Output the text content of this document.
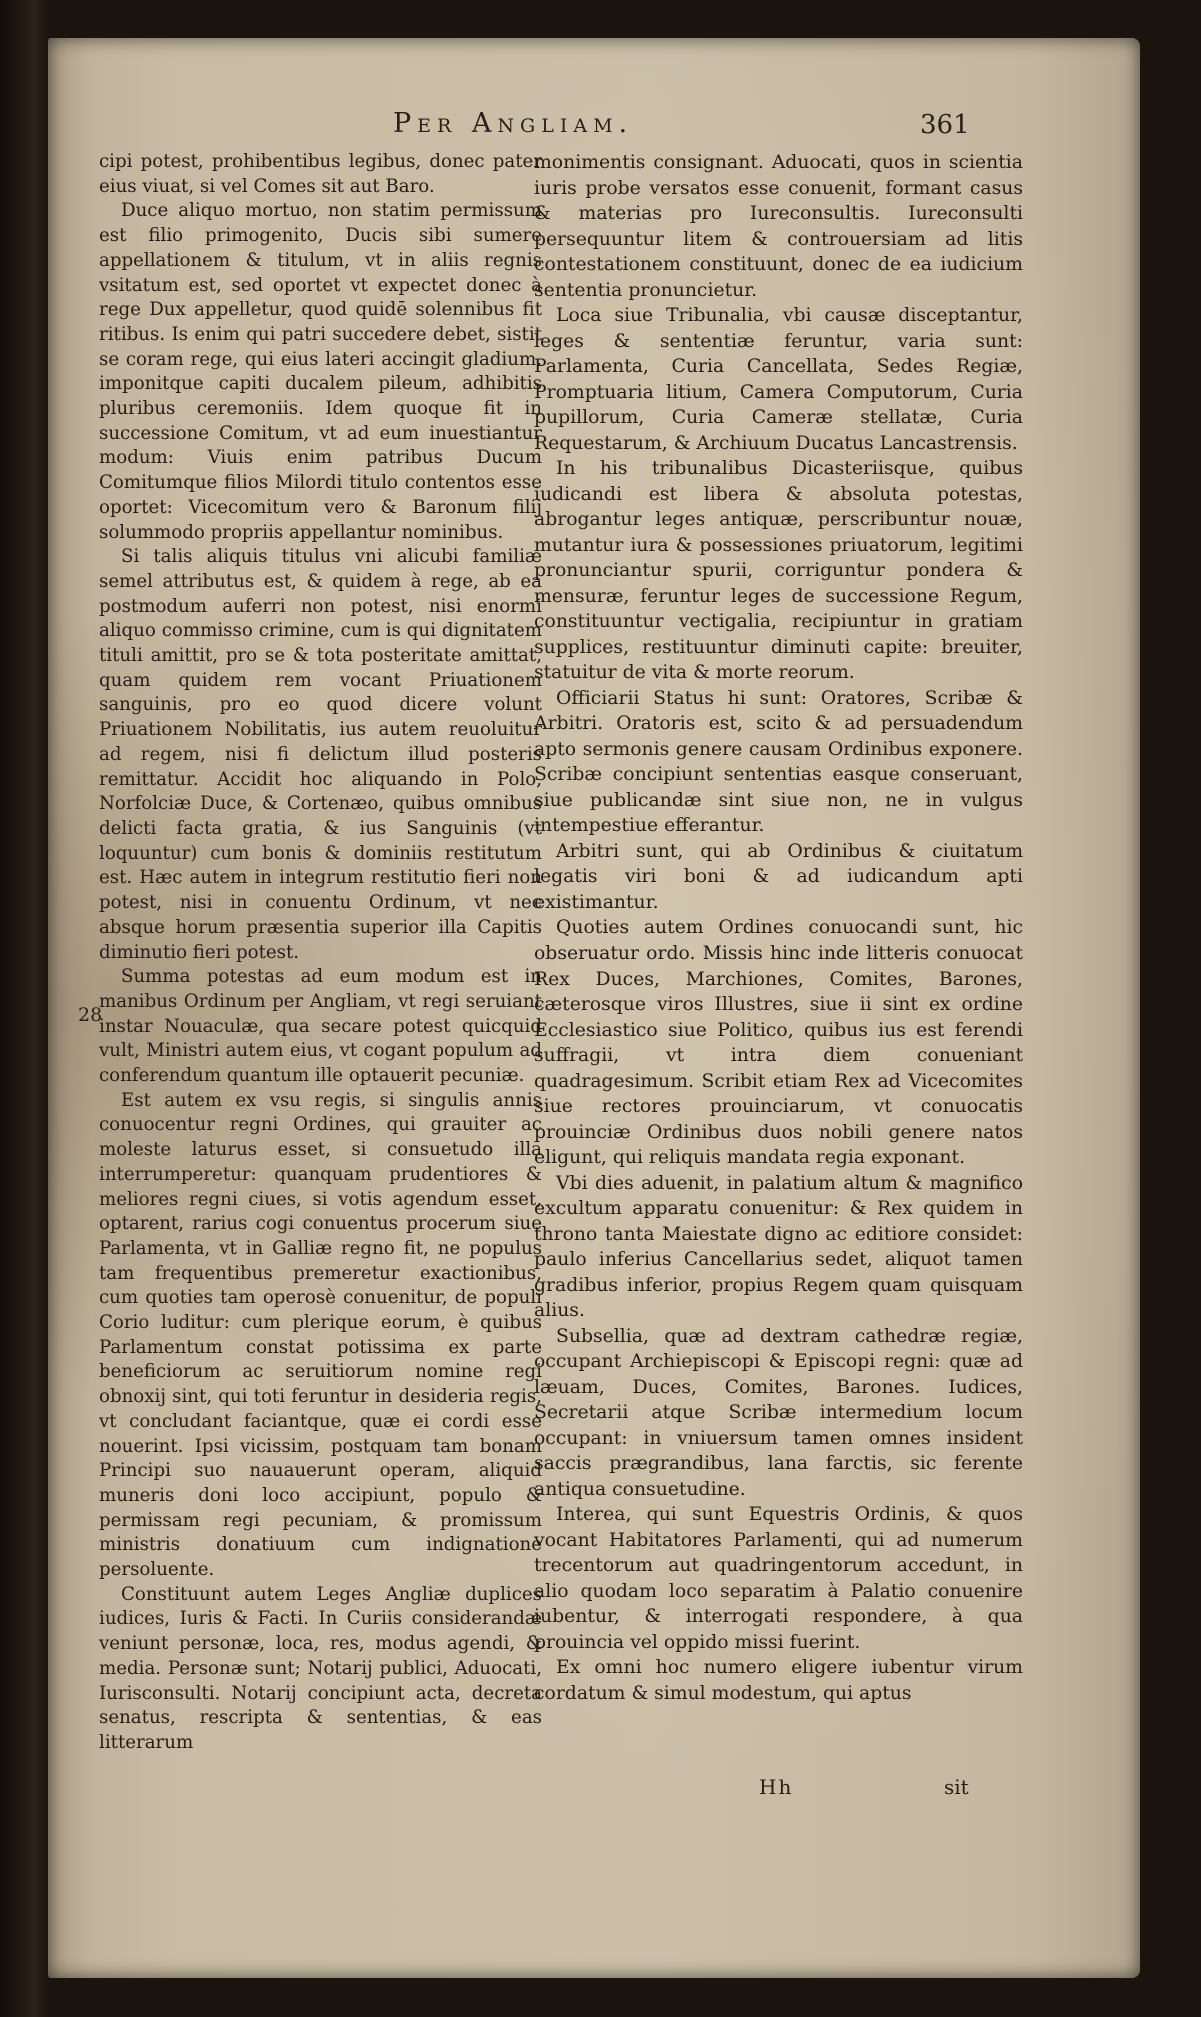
Per Angliam.	361
28

cipi potest, prohibentibus legibus, donec pater eius viuat, si vel Comes sit aut Baro.

Duce aliquo mortuo, non statim permissum est filio primogenito, Ducis sibi sumere appellationem & titulum, vt in aliis regnis vsitatum est, sed oportet vt expectet donec à rege Dux appelletur, quod quidē solennibus fit ritibus. Is enim qui patri succedere debet, sistit se coram rege, qui eius lateri accingit gladium, imponitque capiti ducalem pileum, adhibitis pluribus ceremoniis. Idem quoque fit in successione Comitum, vt ad eum inuestiantur modum: Viuis enim patribus Ducum Comitumque filios Milordi titulo contentos esse oportet: Vicecomitum vero & Baronum filij solummodo propriis appellantur nominibus.

Si talis aliquis titulus vni alicubi familiæ semel attributus est, & quidem à rege, ab ea postmodum auferri non potest, nisi enormi aliquo commisso crimine, cum is qui dignitatem tituli amittit, pro se & tota posteritate amittat, quam quidem rem vocant Priuationem sanguinis, pro eo quod dicere volunt Priuationem Nobilitatis, ius autem reuoluitur ad regem, nisi fi delictum illud posteris remittatur. Accidit hoc aliquando in Polo, Norfolciæ Duce, & Cortenæo, quibus omnibus delicti facta gratia, & ius Sanguinis (vt loquuntur) cum bonis & dominiis restitutum est. Hæc autem in integrum restitutio fieri non potest, nisi in conuentu Ordinum, vt nec absque horum præsentia superior illa Capitis diminutio fieri potest.

Summa potestas ad eum modum est in manibus Ordinum per Angliam, vt regi seruiant instar Nouaculæ, qua secare potest quicquid vult, Ministri autem eius, vt cogant populum ad conferendum quantum ille optauerit pecuniæ.

Est autem ex vsu regis, si singulis annis conuocentur regni Ordines, qui grauiter ac moleste laturus esset, si consuetudo illa interrumperetur: quanquam prudentiores & meliores regni ciues, si votis agendum esset, optarent, rarius cogi conuentus procerum siue Parlamenta, vt in Galliæ regno fit, ne populus tam frequentibus premeretur exactionibus, cum quoties tam operosè conuenitur, de populi Corio luditur: cum plerique eorum, è quibus Parlamentum constat potissima ex parte beneficiorum ac seruitiorum nomine regi obnoxij sint, qui toti feruntur in desideria regis, vt concludant faciantque, quæ ei cordi esse nouerint. Ipsi vicissim, postquam tam bonam Principi suo nauauerunt operam, aliquid muneris doni loco accipiunt, populo & permissam regi pecuniam, & promissum ministris donatiuum cum indignatione persoluente.

Constituunt autem Leges Angliæ duplices iudices, Iuris & Facti. In Curiis considerandæ veniunt personæ, loca, res, modus agendi, & media. Personæ sunt; Notarij publici, Aduocati, Iurisconsulti. Notarij concipiunt acta, decreta senatus, rescripta & sententias, & eas litterarum

monimentis consignant. Aduocati, quos in scientia iuris probe versatos esse conuenit, formant casus & materias pro Iureconsultis. Iureconsulti persequuntur litem & controuersiam ad litis contestationem constituunt, donec de ea iudicium sententia pronuncietur.

Loca siue Tribunalia, vbi causæ disceptantur, leges & sententiæ feruntur, varia sunt: Parlamenta, Curia Cancellata, Sedes Regiæ, Promptuaria litium, Camera Computorum, Curia pupillorum, Curia Cameræ stellatæ, Curia Requestarum, & Archiuum Ducatus Lancastrensis.

In his tribunalibus Dicasteriisque, quibus iudicandi est libera & absoluta potestas, abrogantur leges antiquæ, perscribuntur nouæ, mutantur iura & possessiones priuatorum, legitimi pronunciantur spurii, corriguntur pondera & mensuræ, feruntur leges de successione Regum, constituuntur vectigalia, recipiuntur in gratiam supplices, restituuntur diminuti capite: breuiter, statuitur de vita & morte reorum.

Officiarii Status hi sunt: Oratores, Scribæ & Arbitri. Oratoris est, scito & ad persuadendum apto sermonis genere causam Ordinibus exponere. Scribæ concipiunt sententias easque conseruant, siue publicandæ sint siue non, ne in vulgus intempestiue efferantur.

Arbitri sunt, qui ab Ordinibus & ciuitatum legatis viri boni & ad iudicandum apti existimantur.

Quoties autem Ordines conuocandi sunt, hic obseruatur ordo. Missis hinc inde litteris conuocat Rex Duces, Marchiones, Comites, Barones, cæterosque viros Illustres, siue ii sint ex ordine Ecclesiastico siue Politico, quibus ius est ferendi suffragii, vt intra diem conueniant quadragesimum. Scribit etiam Rex ad Vicecomites siue rectores prouinciarum, vt conuocatis prouinciæ Ordinibus duos nobili genere natos eligunt, qui reliquis mandata regia exponant.

Vbi dies aduenit, in palatium altum & magnifico excultum apparatu conuenitur: & Rex quidem in throno tanta Maiestate digno ac editiore considet: paulo inferius Cancellarius sedet, aliquot tamen gradibus inferior, propius Regem quam quisquam alius.

Subsellia, quæ ad dextram cathedræ regiæ, occupant Archiepiscopi & Episcopi regni: quæ ad læuam, Duces, Comites, Barones. Iudices, Secretarii atque Scribæ intermedium locum occupant: in vniuersum tamen omnes insident saccis prægrandibus, lana farctis, sic ferente antiqua consuetudine.

Interea, qui sunt Equestris Ordinis, & quos vocant Habitatores Parlamenti, qui ad numerum trecentorum aut quadringentorum accedunt, in alio quodam loco separatim à Palatio conuenire iubentur, & interrogati respondere, à qua prouincia vel oppido missi fuerint.

Ex omni hoc numero eligere iubentur virum cordatum & simul modestum, qui aptus

Hh	sit
